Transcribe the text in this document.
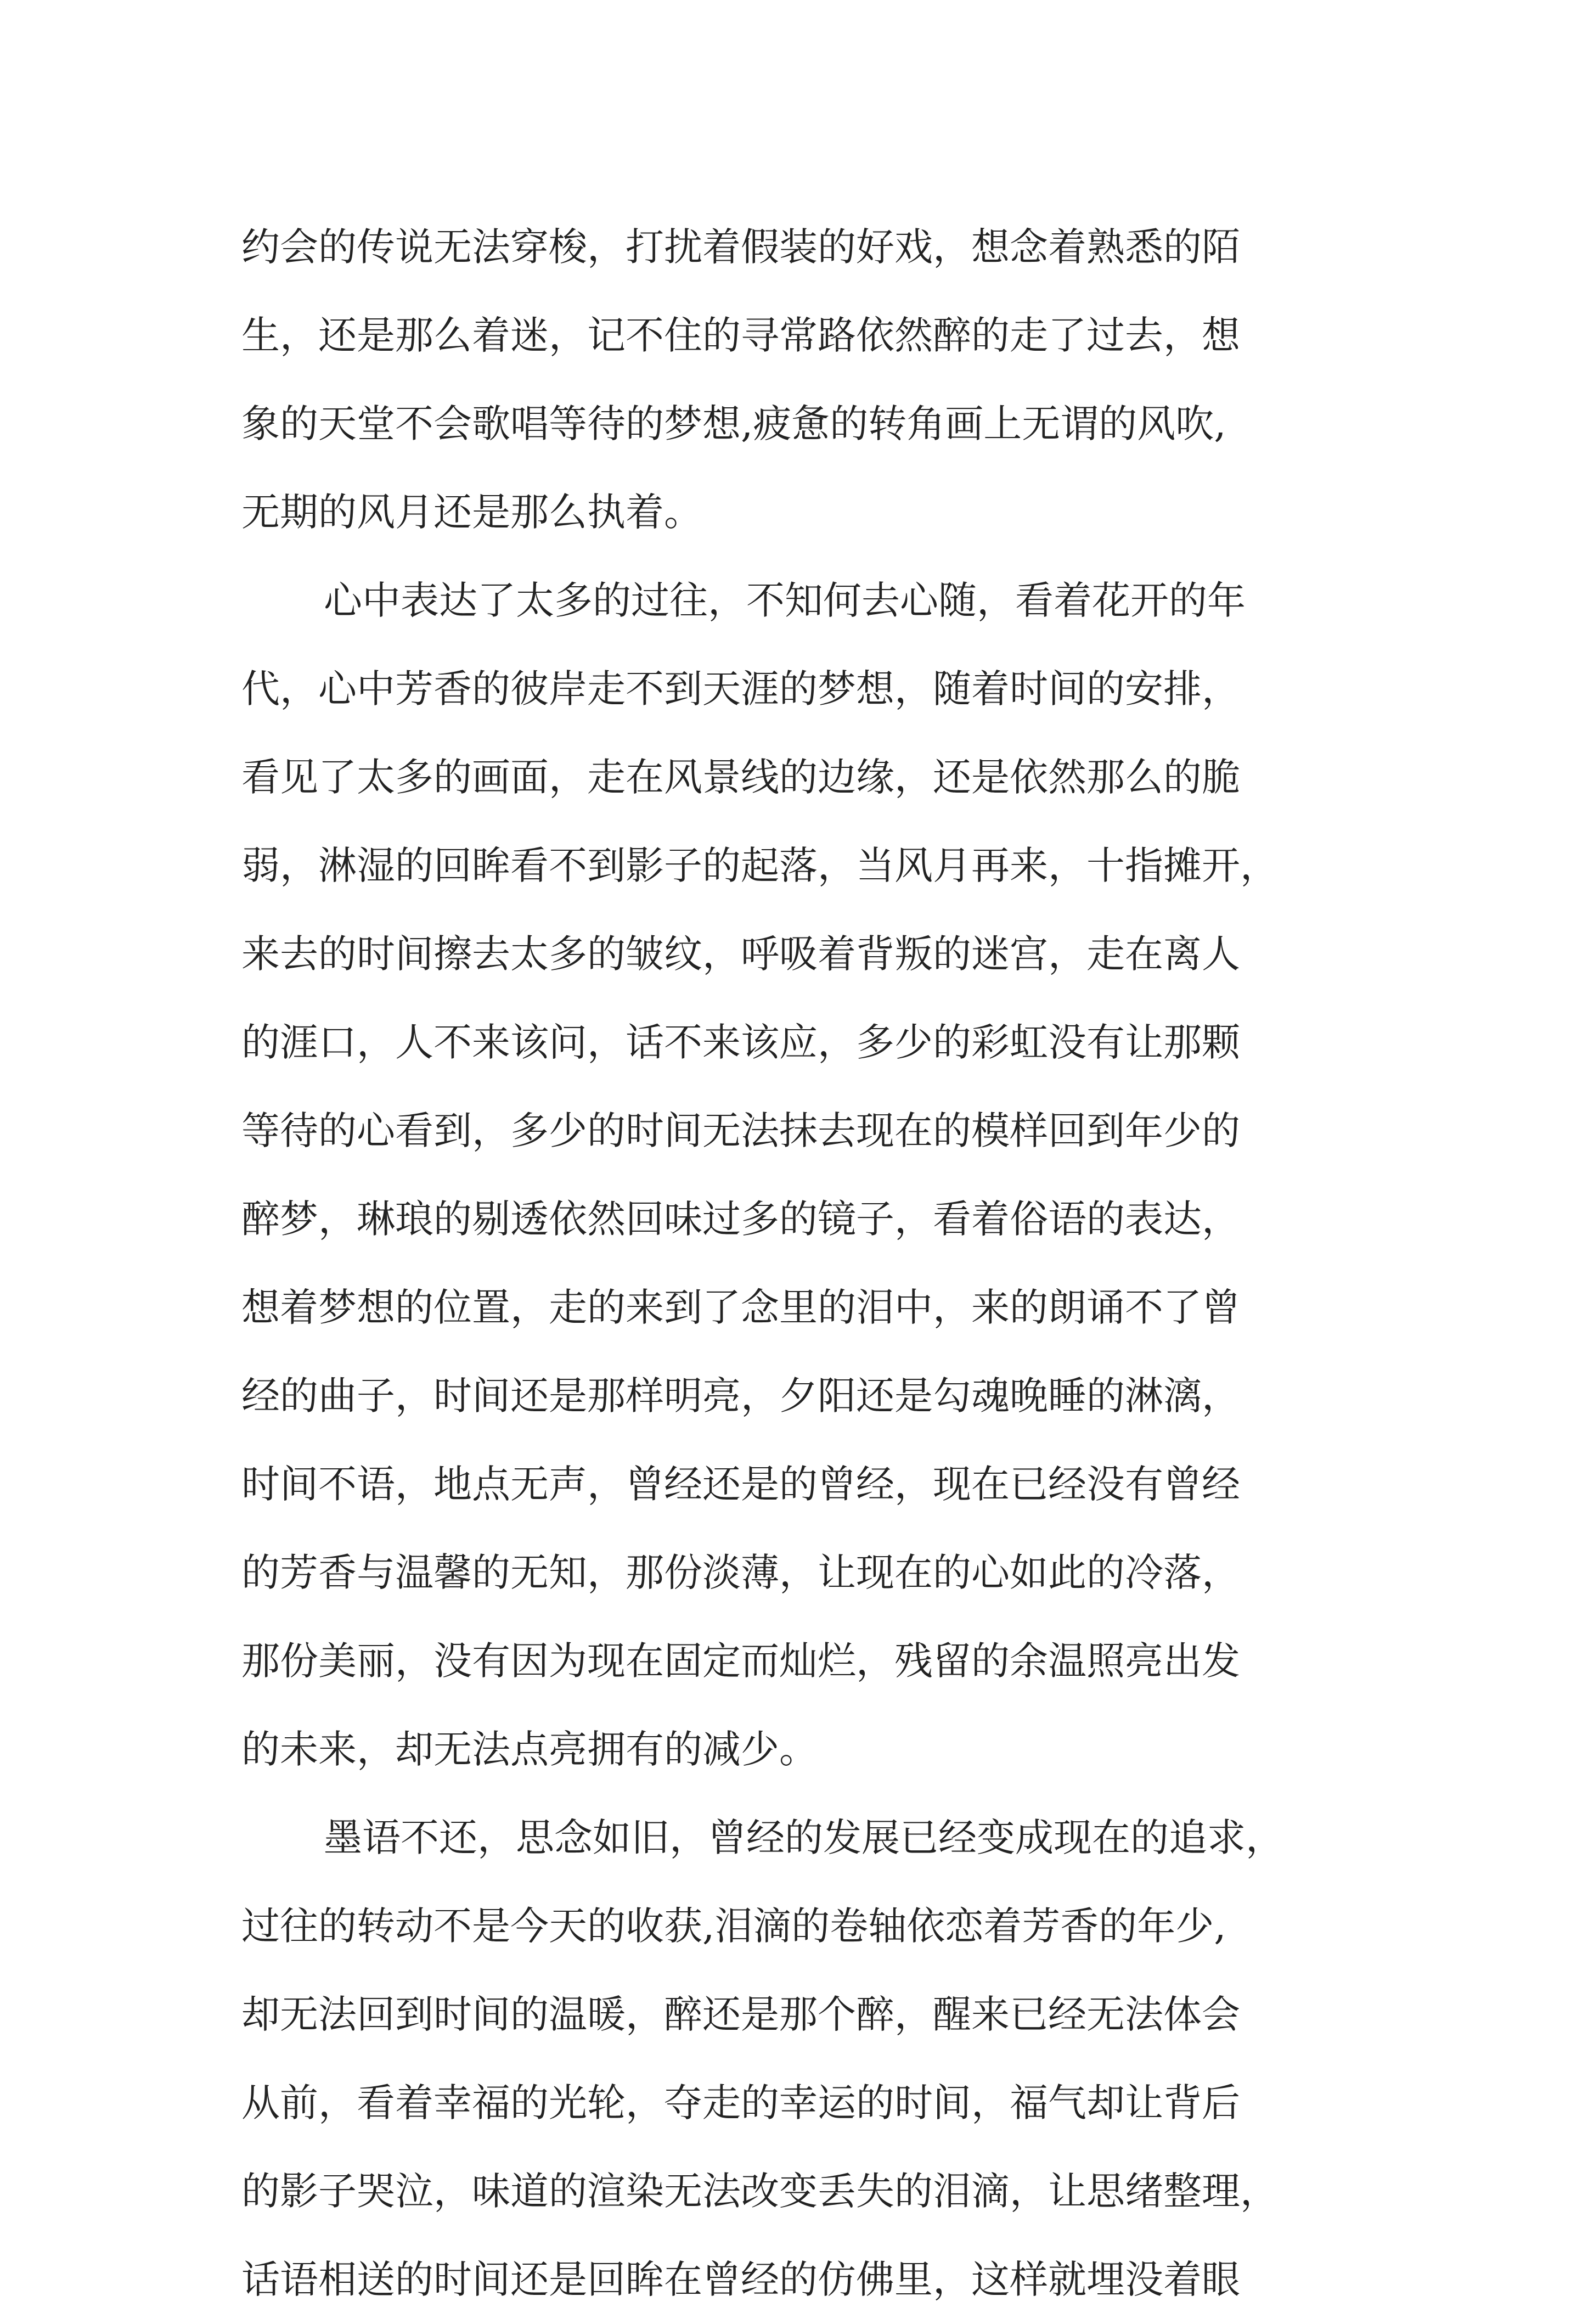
约会的传说无法穿梭，打扰着假装的好戏，想念着熟悉的陌
生，还是那么着迷，记不住的寻常路依然醉的走了过去，想
象的天堂不会歌唱等待的梦想,疲惫的转角画上无谓的风吹,
无期的风月还是那么执着。
心中表达了太多的过往，不知何去心随，看着花开的年
代，心中芳香的彼岸走不到天涯的梦想，随着时间的安排，
看见了太多的画面，走在风景线的边缘，还是依然那么的脆
弱，淋湿的回眸看不到影子的起落，当风月再来，十指摊开，
来去的时间擦去太多的皱纹，呼吸着背叛的迷宫，走在离人
的涯口，人不来该问，话不来该应，多少的彩虹没有让那颗
等待的心看到，多少的时间无法抹去现在的模样回到年少的
醉梦，琳琅的剔透依然回味过多的镜子，看着俗语的表达，
想着梦想的位置，走的来到了念里的泪中，来的朗诵不了曾
经的曲子，时间还是那样明亮，夕阳还是勾魂晚睡的淋漓，
时间不语，地点无声，曾经还是的曾经，现在已经没有曾经
的芳香与温馨的无知，那份淡薄，让现在的心如此的冷落，
那份美丽，没有因为现在固定而灿烂，残留的余温照亮出发
的未来，却无法点亮拥有的减少。
墨语不还，思念如旧，曾经的发展已经变成现在的追求，
过往的转动不是今天的收获,泪滴的卷轴依恋着芳香的年少,
却无法回到时间的温暖，醉还是那个醉，醒来已经无法体会
从前，看着幸福的光轮，夺走的幸运的时间，福气却让背后
的影子哭泣，味道的渲染无法改变丢失的泪滴，让思绪整理，
话语相送的时间还是回眸在曾经的仿佛里，这样就埋没着眼
